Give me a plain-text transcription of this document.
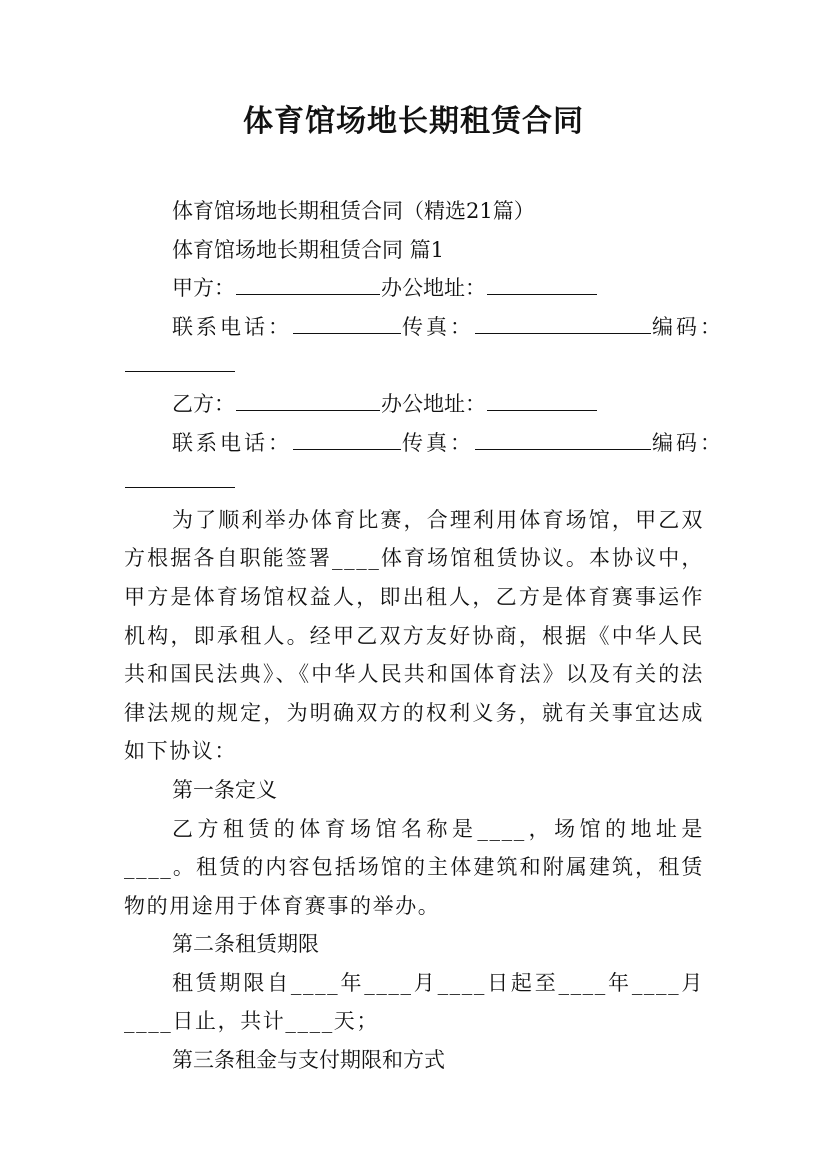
体育馆场地长期租赁合同
体育馆场地长期租赁合同（精选21篇）
体育馆场地长期租赁合同 篇1
甲方：	办公地址：
联系电话：	传真：	编码：
乙方：	办公地址：
联系电话：	传真：	编码：
为了顺利举办体育比赛，合理利用体育场馆，甲乙双方根据各自职能签署____体育场馆租赁协议。本协议中，甲方是体育场馆权益人，即出租人，乙方是体育赛事运作机构，即承租人。经甲乙双方友好协商，根据《中华人民共和国民法典》、《中华人民共和国体育法》以及有关的法律法规的规定，为明确双方的权利义务，就有关事宜达成如下协议：
第一条定义
乙方租赁的体育场馆名称是____，场馆的地址是____。租赁的内容包括场馆的主体建筑和附属建筑，租赁物的用途用于体育赛事的举办。
第二条租赁期限
租赁期限自____年____月____日起至____年____月____日止，共计____天；
第三条租金与支付期限和方式
